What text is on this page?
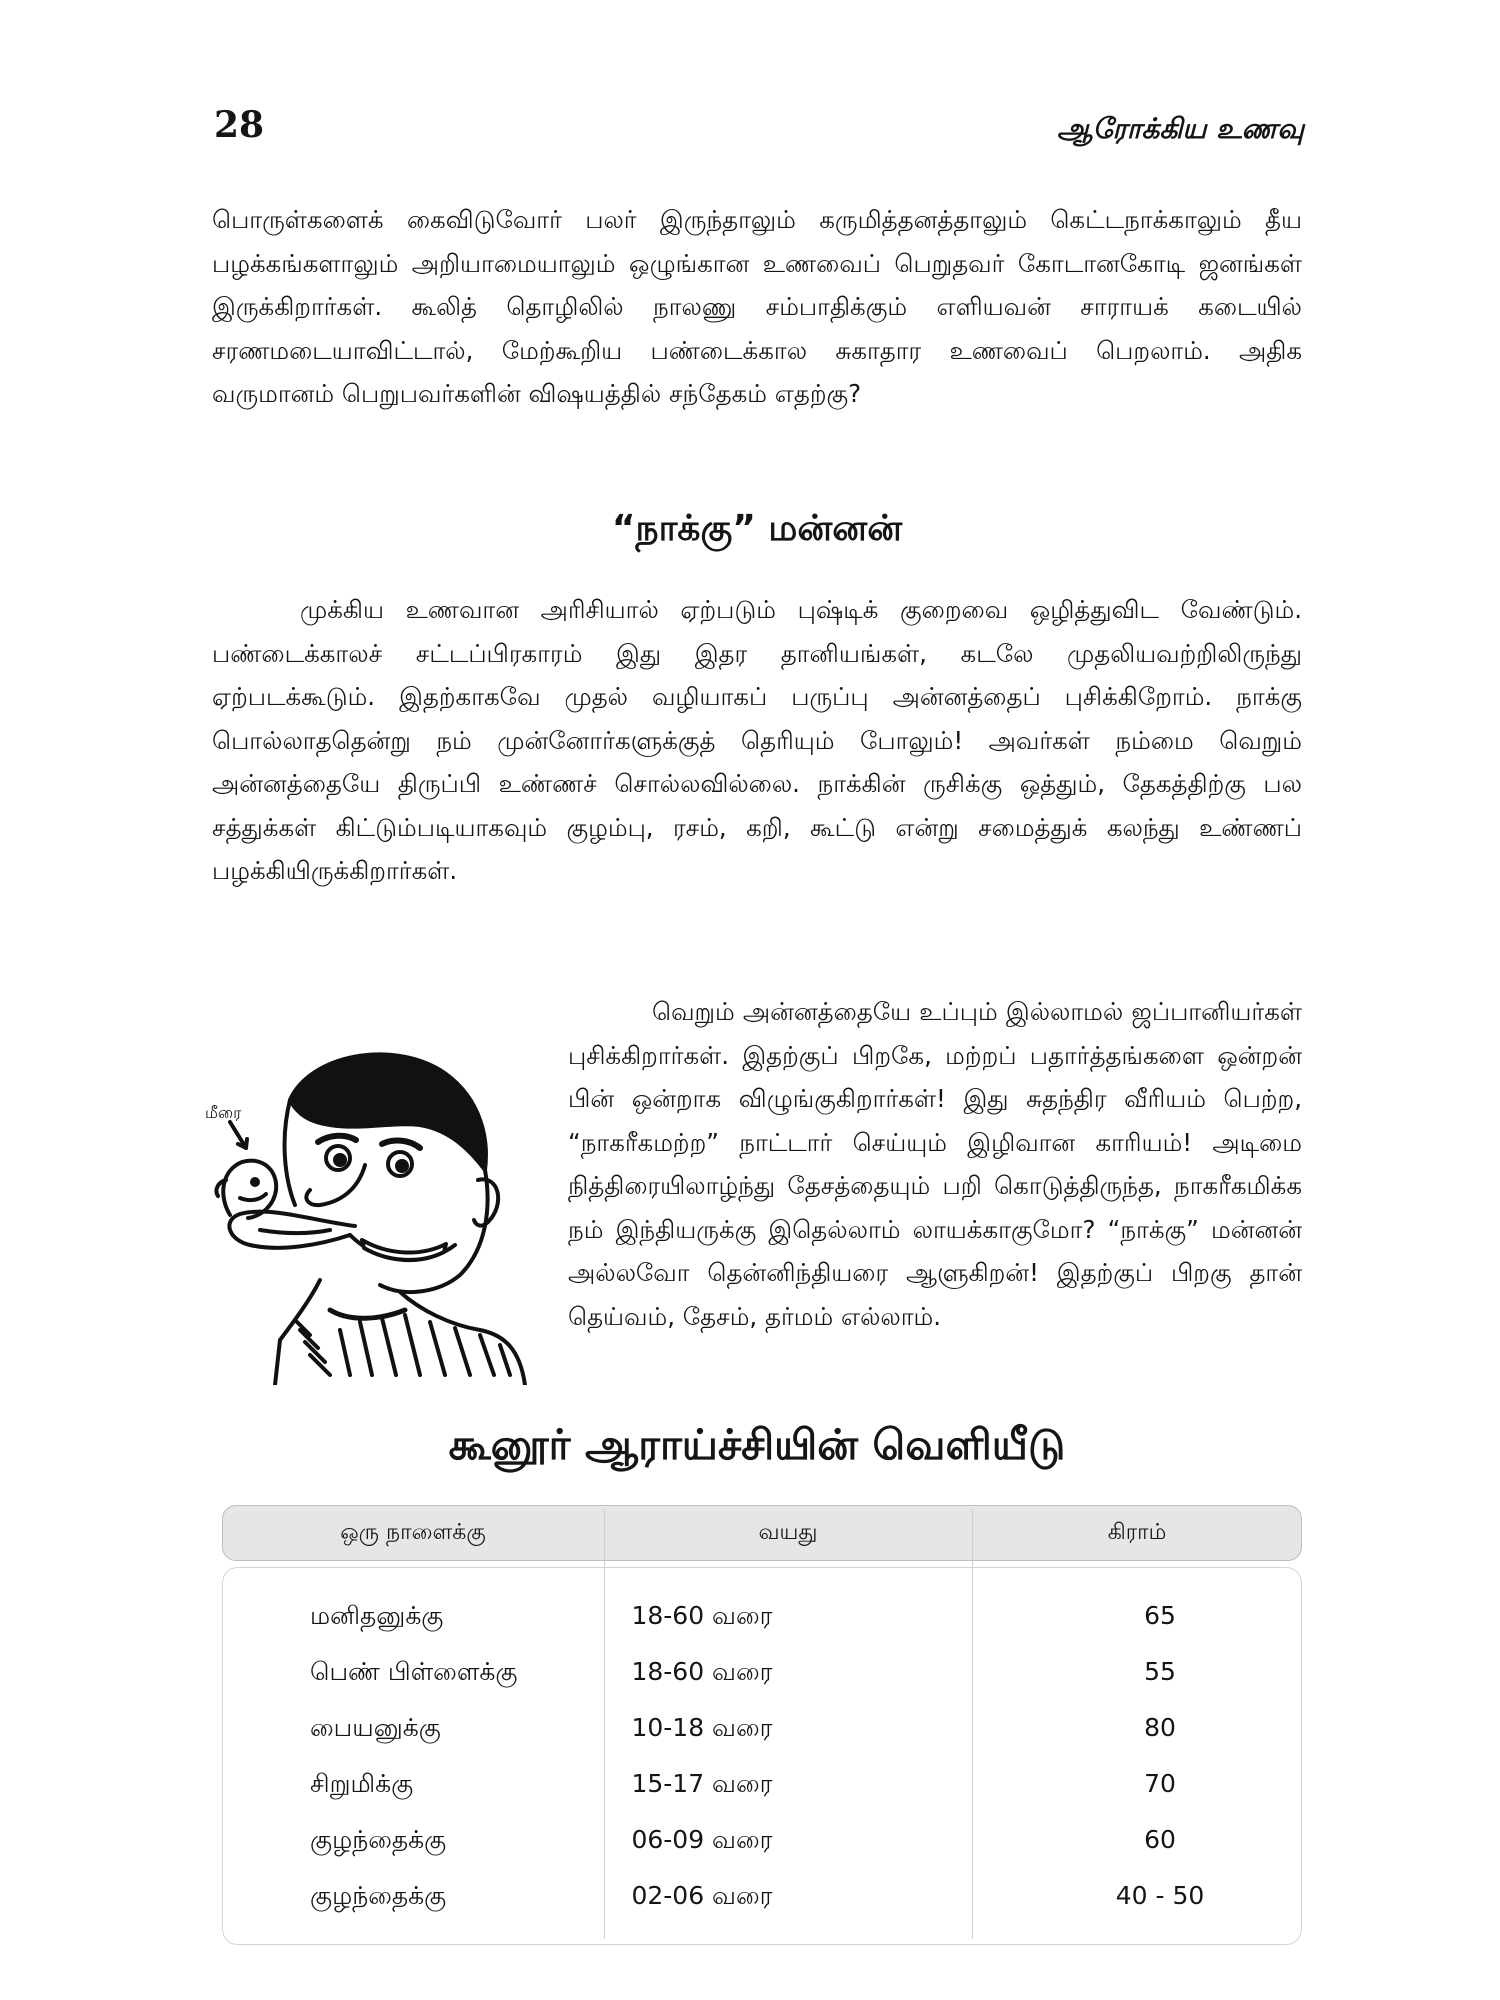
28	ஆரோக்கிய உணவு

பொருள்களைக் கைவிடுவோர் பலர் இருந்தாலும் கருமித்தனத்தாலும் கெட்டநாக்காலும் தீய பழக்கங்களாலும் அறியாமையாலும் ஒழுங்கான உணவைப் பெறுதவர் கோடானகோடி ஜனங்கள் இருக்கிறார்கள். கூலித் தொழிலில் நாலணு சம்பாதிக்கும் எளியவன் சாராயக் கடையில் சரணமடையாவிட்டால், மேற்கூறிய பண்டைக்கால சுகாதார உணவைப் பெறலாம். அதிக வருமானம் பெறுபவர்களின் விஷயத்தில் சந்தேகம் எதற்கு?

“நாக்கு” மன்னன்

முக்கிய உணவான அரிசியால் ஏற்படும் புஷ்டிக் குறைவை ஒழித்துவிட வேண்டும். பண்டைக்காலச் சட்டப்பிரகாரம் இது இதர தானியங்கள், கடலே முதலியவற்றிலிருந்து ஏற்படக்கூடும். இதற்காகவே முதல் வழியாகப் பருப்பு அன்னத்தைப் புசிக்கிறோம். நாக்கு பொல்லாததென்று நம் முன்னோர்களுக்குத் தெரியும் போலும்! அவர்கள் நம்மை வெறும் அன்னத்தையே திருப்பி உண்ணச் சொல்லவில்லை. நாக்கின் ருசிக்கு ஒத்தும், தேகத்திற்கு பல சத்துக்கள் கிட்டும்படியாகவும் குழம்பு, ரசம், கறி, கூட்டு என்று சமைத்துக் கலந்து உண்ணப் பழக்கியிருக்கிறார்கள்.

மீரை

வெறும் அன்னத்தையே உப்பும் இல்லாமல் ஜப்பானியர்கள் புசிக்கிறார்கள். இதற்குப் பிறகே, மற்றப் பதார்த்தங்களை ஒன்றன் பின் ஒன்றாக விழுங்குகிறார்கள்! இது சுதந்திர வீரியம் பெற்ற, “நாகரீகமற்ற” நாட்டார் செய்யும் இழிவான காரியம்! அடிமை நித்திரையிலாழ்ந்து தேசத்தையும் பறி கொடுத்திருந்த, நாகரீகமிக்க நம் இந்தியருக்கு இதெல்லாம் லாயக்காகுமோ? “நாக்கு” மன்னன் அல்லவோ தென்னிந்தியரை ஆளுகிறன்! இதற்குப் பிறகு தான் தெய்வம், தேசம், தர்மம் எல்லாம்.

கூனூர் ஆராய்ச்சியின் வெளியீடு
ஒரு நாளைக்கு	வயது	கிராம்
மனிதனுக்கு	18-60 வரை	65
பெண் பிள்ளைக்கு	18-60 வரை	55
பையனுக்கு	10-18 வரை	80
சிறுமிக்கு	15-17 வரை	70
குழந்தைக்கு	06-09 வரை	60
குழந்தைக்கு	02-06 வரை	40 - 50
